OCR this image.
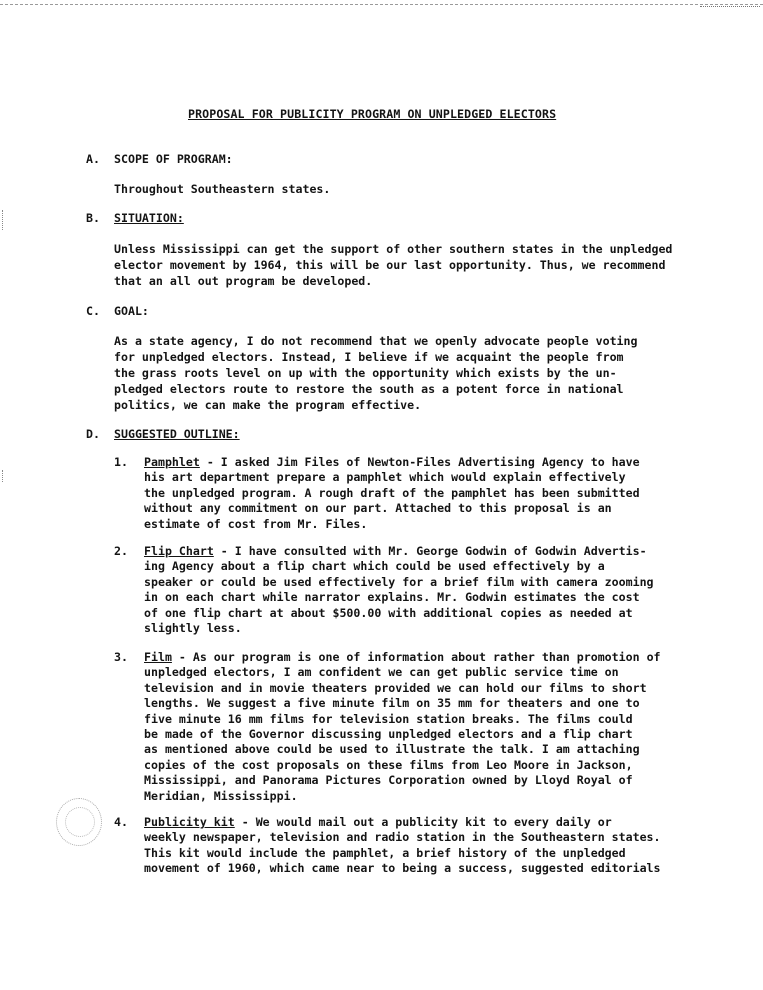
PROPOSAL FOR PUBLICITY PROGRAM ON UNPLEDGED ELECTORS
A. SCOPE OF PROGRAM:
Throughout Southeastern states.
B. SITUATION:
Unless Mississippi can get the support of other southern states in the unpledged
elector movement by 1964, this will be our last opportunity. Thus, we recommend
that an all out program be developed.
C. GOAL:
As a state agency, I do not recommend that we openly advocate people voting
for unpledged electors. Instead, I believe if we acquaint the people from
the grass roots level on up with the opportunity which exists by the un-
pledged electors route to restore the south as a potent force in national
politics, we can make the program effective.
D. SUGGESTED OUTLINE:
1. Pamphlet - I asked Jim Files of Newton-Files Advertising Agency to have
his art department prepare a pamphlet which would explain effectively
the unpledged program. A rough draft of the pamphlet has been submitted
without any commitment on our part. Attached to this proposal is an
estimate of cost from Mr. Files.
2. Flip Chart - I have consulted with Mr. George Godwin of Godwin Advertis-
ing Agency about a flip chart which could be used effectively by a
speaker or could be used effectively for a brief film with camera zooming
in on each chart while narrator explains. Mr. Godwin estimates the cost
of one flip chart at about $500.00 with additional copies as needed at
slightly less.
3. Film - As our program is one of information about rather than promotion of
unpledged electors, I am confident we can get public service time on
television and in movie theaters provided we can hold our films to short
lengths. We suggest a five minute film on 35 mm for theaters and one to
five minute 16 mm films for television station breaks. The films could
be made of the Governor discussing unpledged electors and a flip chart
as mentioned above could be used to illustrate the talk. I am attaching
copies of the cost proposals on these films from Leo Moore in Jackson,
Mississippi, and Panorama Pictures Corporation owned by Lloyd Royal of
Meridian, Mississippi.
4. Publicity kit - We would mail out a publicity kit to every daily or
weekly newspaper, television and radio station in the Southeastern states.
This kit would include the pamphlet, a brief history of the unpledged
movement of 1960, which came near to being a success, suggested editorials
